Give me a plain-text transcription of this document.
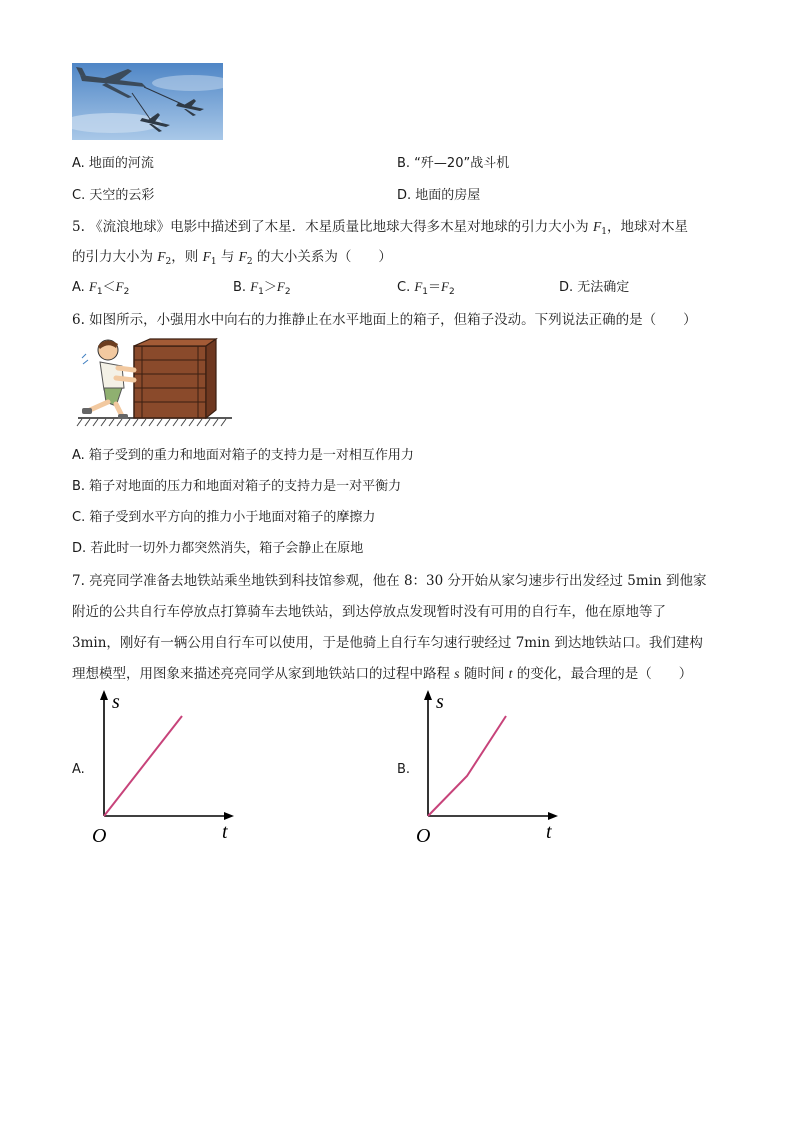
A. 地面的河流	B. “歼—20”战斗机
C. 天空的云彩	D. 地面的房屋
5. 《流浪地球》电影中描述到了木星．木星质量比地球大得多木星对地球的引力大小为 $F_1$，地球对木星
的引力大小为 $F_2$，则 $F_1$ 与 $F_2$ 的大小关系为（　　）
A. $F_1<F_2$	B. $F_1>F_2$	C. $F_1=F_2$	D. 无法确定
6. 如图所示，小强用水中向右的力推静止在水平地面上的箱子，但箱子没动。下列说法正确的是（　　）
A. 箱子受到的重力和地面对箱子的支持力是一对相互作用力
B. 箱子对地面的压力和地面对箱子的支持力是一对平衡力
C. 箱子受到水平方向的推力小于地面对箱子的摩擦力
D. 若此时一切外力都突然消失，箱子会静止在原地
7. 亮亮同学准备去地铁站乘坐地铁到科技馆参观，他在 8：30 分开始从家匀速步行出发经过 5min 到他家
附近的公共自行车停放点打算骑车去地铁站，到达停放点发现暂时没有可用的自行车，他在原地等了
3min，刚好有一辆公用自行车可以使用，于是他骑上自行车匀速行驶经过 7min 到达地铁站口。我们建构
理想模型，用图象来描述亮亮同学从家到地铁站口的过程中路程 s 随时间 t 的变化，最合理的是（　　）
A.	B.
s
t
O
s
t
O
